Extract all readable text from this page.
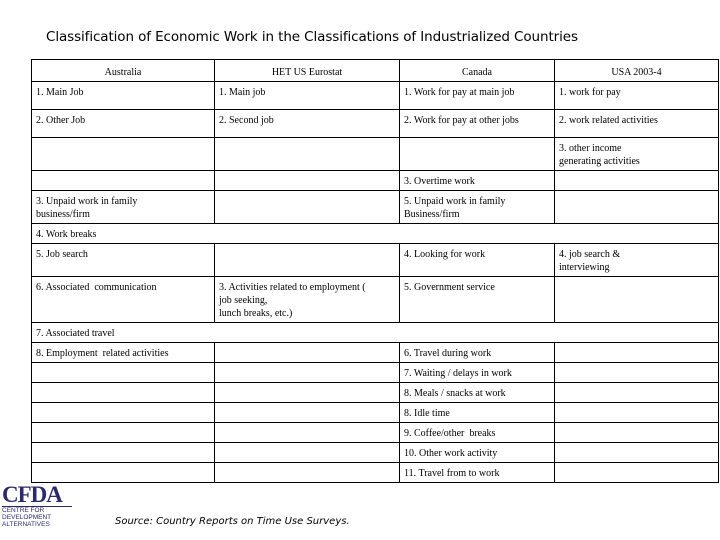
Classification of Economic Work in the Classifications of Industrialized Countries
Australia	HET US Eurostat	Canada	USA 2003-4
1. Main Job	1. Main job	1. Work for pay at main job	1. work for pay
2. Other Job	2. Second job	2. Work for pay at other jobs	2. work related activities
			3. other income
generating activities
		3. Overtime work	
3. Unpaid work in family
business/firm		5. Unpaid work in family
Business/firm	
4. Work breaks			
5. Job search		4. Looking for work	4. job search &
interviewing
6. Associated  communication	3. Activities related to employment (
job seeking,
lunch breaks, etc.)	5. Government service	
7. Associated travel			
8. Employment  related activities		6. Travel during work	
		7. Waiting / delays in work	
		8. Meals / snacks at work	
		8. Idle time	
		9. Coffee/other  breaks	
		10. Other work activity	
		11. Travel from to work	
CFDA
CENTRE FOR DEVELOPMENT ALTERNATIVES	Source: Country Reports on Time Use Surveys.
